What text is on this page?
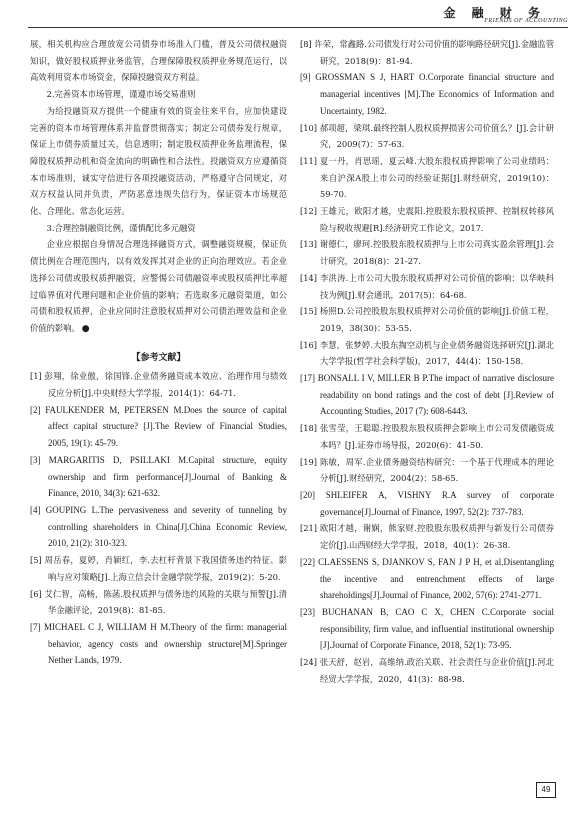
金 融 财 务
FRIENDS OF ACCOUNTING

展，相关机构应合理放宽公司债券市场准入门槛，普及公司债权融资知识，做好股权质押业务监管，合理保障股权质押业务规范运行，以高效利用资本市场资金，保障投融资双方利益。

2.完善资本市场管理，谨遵市场交易准则

为给投融资双方提供一个健康有效的资金往来平台，应加快建设完善的资本市场管理体系并监督贯彻落实；制定公司债券发行规章，保证上市债券质量过关，信息透明；制定股权质押业务监理流程，保障股权质押动机和资金流向的明确性和合法性。投融资双方应遵循资本市场准则，诚实守信进行各项投融资活动，严格遵守合同规定，对双方权益认同并负责，严防恶意违规失信行为，保证资本市场规范化、合理化、常态化运营。

3.合理控制融资比例，谨慎配比多元融资

企业应根据自身情况合理选择融资方式，调整融资规模，保证负债比例在合理范围内，以有效发挥其对企业的正向治理效应。若企业选择公司债或股权质押融资，应警惕公司债融资率或股权质押比率超过临界值对代理问题和企业价值的影响；若选取多元融资渠道，如公司债和股权质押，企业应同时注意股权质押对公司债治理效益和企业价值的影响。 ●

【参考文献】
[1] 彭翔，徐业傲，徐国锋.企业债务融资成本效应、治理作用与绩效反应分析[J].中央财经大学学报，2014(1)：64-71.
[2] FAULKENDER M, PETERSEN M.Does the source of capital affect capital structure? [J].The Review of Financial Studies, 2005, 19(1): 45-79.
[3] MARGARITIS D, PSILLAKI M.Capital structure, equity ownership and firm performance[J].Journal of Banking & Finance, 2010, 34(3): 621-632.
[4] GOUPING L.The pervasiveness and severity of tunneling by controlling shareholders in China[J].China Economic Review, 2010, 21(2): 310-323.
[5] 周岳春，夏婷，肖颖红，李.去杠杆背景下我国债务违约特征、影响与应对策略[J].上海立信会计金融学院学报，2019(2)：5-20.
[6] 艾仁智，高畅，陈菡.股权质押与债务违约风险的关联与预警[J].清华金融评论，2019(8)：81-85.
[7] MICHAEL C J, WILLIAM H M.Theory of the firm: managerial behavior, agency costs and ownership structure[M].Springer Nether Lands, 1979.
[8] 许荣，常鑫路.公司债发行对公司价值的影响路径研究[J].金融监管研究，2018(9)：81-94.
[9] GROSSMAN S J, HART O.Corporate financial structure and managerial incentives [M].The Economics of Information and Uncertainty, 1982.
[10] 郝项超，梁琪.最终控制人股权质押损害公司价值么？[J].会计研究，2009(7)：57-63.
[11] 夏一丹，肖思瑶，夏云峰.大股东股权质押影响了公司业绩吗：来自沪深A股上市公司的经验证据[J].财经研究，2019(10)：59-70.
[12] 王雄元，欧阳才越，史震阳.控股股东股权质押、控制权转移风险与税收规避[R].经济研究工作论文，2017.
[13] 谢德仁，廖珂.控股股东股权质押与上市公司真实盈余管理[J].会计研究，2018(8)：21-27.
[14] 李洪涛.上市公司大股东股权质押对公司价值的影响：以华映科技为例[J].财会通讯，2017(5)：64-68.
[15] 杨照D.公司控股股东股权质押对公司价值的影响[J].价值工程，2019，38(30)：53-55.
[16] 李慧，张梦婷.大股东掏空动机与企业债务融资选择研究[J].湖北大学学报(哲学社会科学版)，2017，44(4)：150-158.
[17] BONSALL I V, MILLER B P.The impact of narrative disclosure readability on bond ratings and the cost of debt [J].Review of Accounting Studies, 2017 (7): 608-6443.
[18] 张雪莹，王聪聪.控股股东股权质押会影响上市公司发债融资成本吗？[J].证券市场导报，2020(6)：41-50.
[19] 陈敏，周军.企业债务融资结构研究：一个基于代理成本的理论分析[J].财经研究，2004(2)：58-65.
[20] SHLEIFER A, VISHNY R.A survey of corporate governance[J].Journal of Finance, 1997, 52(2): 737-783.
[21] 欧阳才越，谢娴，熊家财.控股股东股权质押与新发行公司债券定价[J].山西财经大学学报，2018，40(1)：26-38.
[22] CLAESSENS S, DJANKOV S, FAN J P H, et al.Disentangling the incentive and entrenchment effects of large shareholdings[J].Journal of Finance, 2002, 57(6): 2741-2771.
[23] BUCHANAN B, CAO C X, CHEN C.Corporate social responsibility, firm value, and influential institutional ownership [J].Journal of Corporate Finance, 2018, 52(1): 73-95.
[24] 张天舒，赵岩，高维纳.政治关联、社会责任与企业价值[J].河北经贸大学学报，2020，41(3)：88-98.
49
